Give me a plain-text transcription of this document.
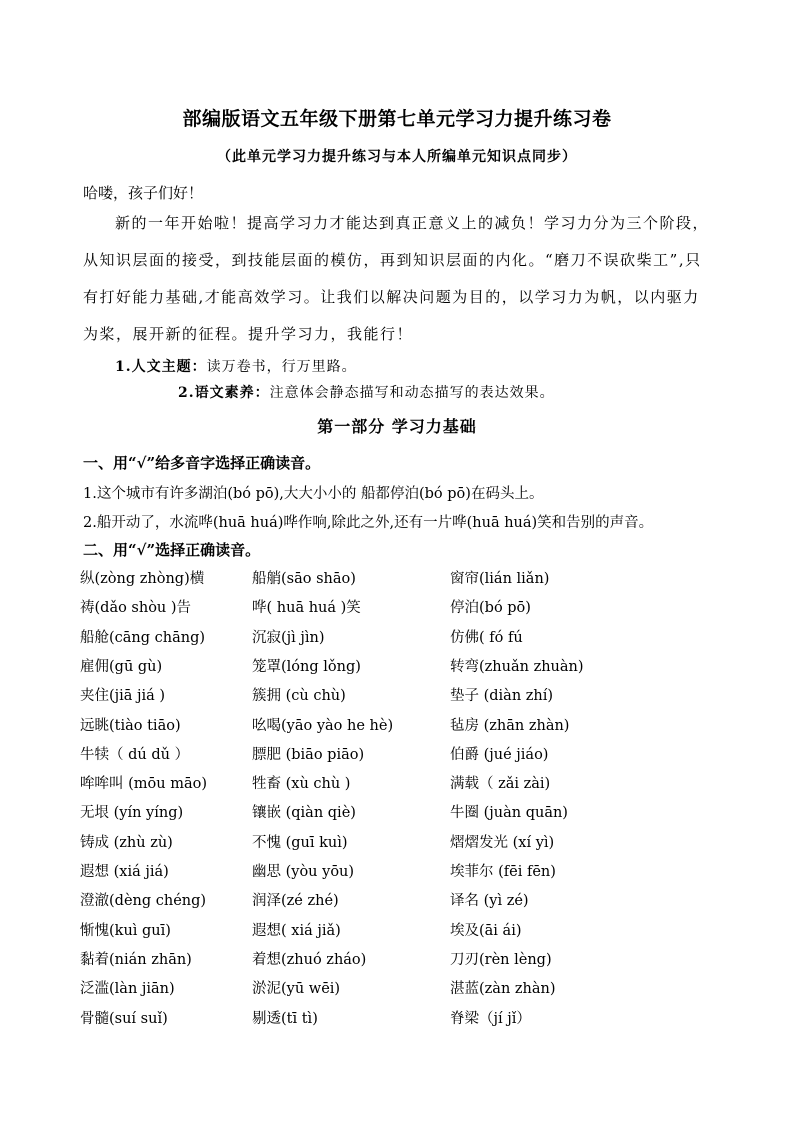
部编版语文五年级下册第七单元学习力提升练习卷
（此单元学习力提升练习与本人所编单元知识点同步）
哈喽，孩子们好！
新的一年开始啦！提高学习力才能达到真正意义上的减负！学习力分为三个阶段，从知识层面的接受，到技能层面的模仿，再到知识层面的内化。“磨刀不误砍柴工”,只有打好能力基础,才能高效学习。让我们以解决问题为目的，以学习力为帆，以内驱力为桨，展开新的征程。提升学习力，我能行！
1.人文主题：读万卷书，行万里路。
2.语文素养：注意体会静态描写和动态描写的表达效果。
第一部分 学习力基础
一、用“√”给多音字选择正确读音。
1.这个城市有许多湖泊(bó pō),大大小小的 船都停泊(bó pō)在码头上。
2.船开动了，水流哗(huā huá)哗作响,除此之外,还有一片哗(huā huá)笑和告别的声音。
二、用“√”选择正确读音。
纵(zòng zhòng)横	船艄(sāo shāo)	窗帘(lián liǎn)
祷(dǎo shòu )告	哗( huā huá )笑	停泊(bó pō)
船舱(cāng chāng)	沉寂(jì jìn)	仿佛( fó fú
雇佣(gū gù)	笼罩(lóng lǒng)	转弯(zhuǎn zhuàn)
夹住(jiā jiá )	簇拥 (cù chù)	垫子 (diàn zhí)
远眺(tiào tiāo)	吆喝(yāo yào he hè)	毡房 (zhān zhàn)
牛犊（ dú dǔ ）	膘肥 (biāo piāo)	伯爵 (jué jiáo)
哞哞叫 (mōu māo)	牲畜 (xù chù )	满载（ zǎi zài)
无垠 (yín yíng)	镶嵌 (qiàn qiè)	牛圈 (juàn quān)
铸成 (zhù zù)	不愧 (guī kuì)	熠熠发光 (xí yì)
遐想 (xiá jiá)	幽思 (yòu yōu)	埃菲尔 (fēi fēn)
澄澈(dèng chéng)	润泽(zé zhé)	译名 (yì zé)
惭愧(kuì guī)	遐想( xiá jiǎ)	埃及(āi ái)
黏着(nián zhān)	着想(zhuó zháo)	刀刃(rèn lèng)
泛滥(làn jiān)	淤泥(yū wēi)	湛蓝(zàn zhàn)
骨髓(suí suǐ)	剔透(tī tì)	脊梁（jí jǐ）
